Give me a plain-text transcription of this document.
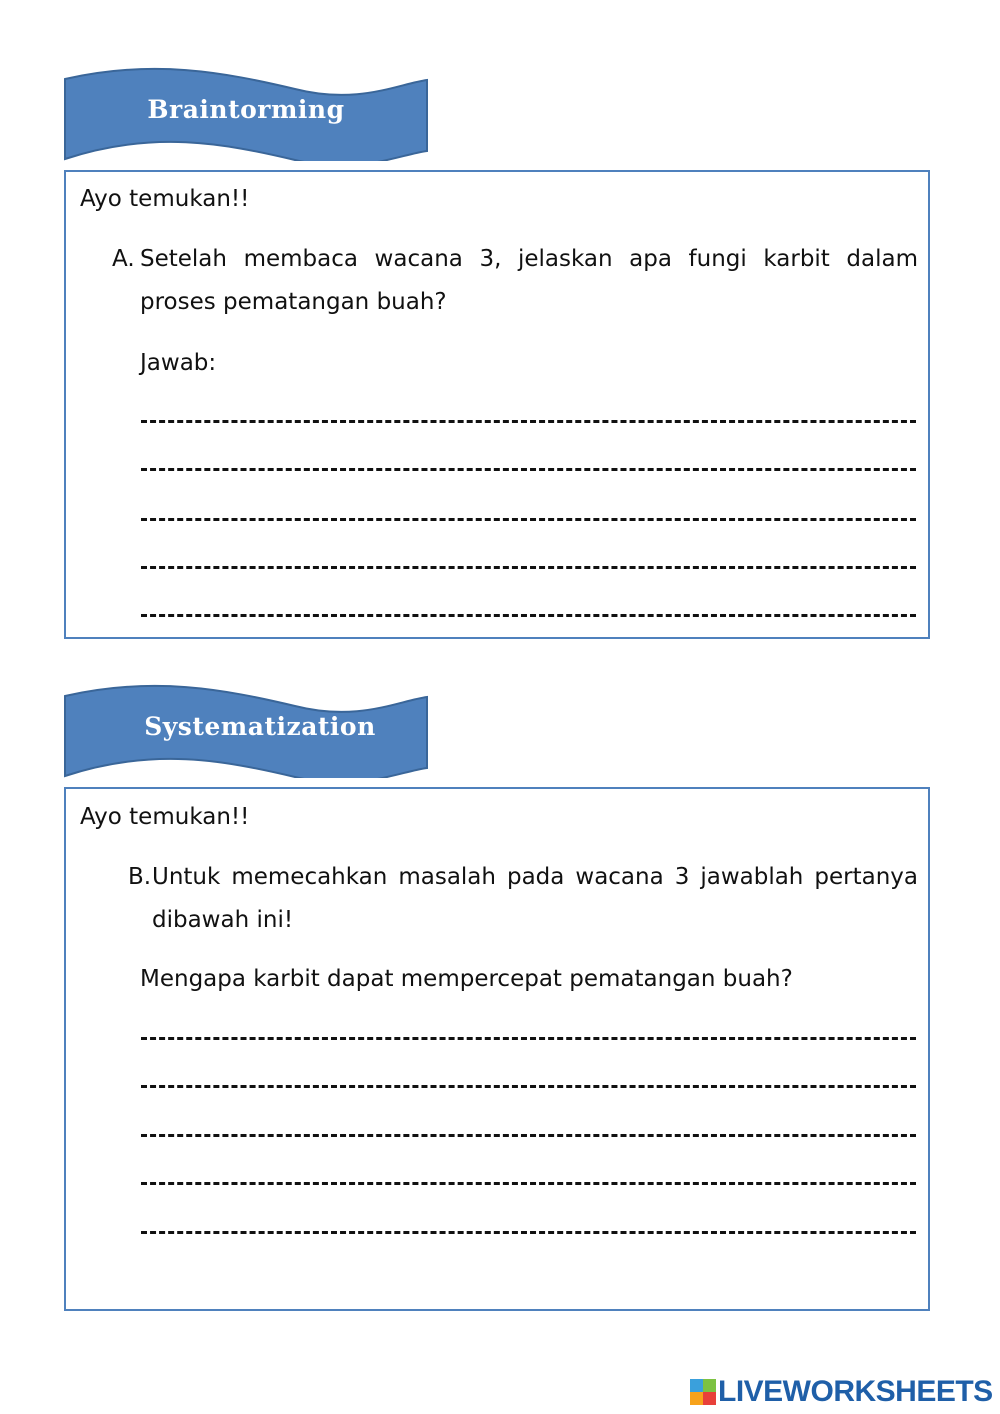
Braintorming
Ayo temukan!!
A. Setelah membaca wacana 3, jelaskan apa fungi karbit dalam proses pematangan buah?
Jawab:
Systematization
Ayo temukan!!
B. Untuk memecahkan masalah pada wacana 3 jawablah pertanya dibawah ini!
Mengapa karbit dapat mempercepat pematangan buah?
LIVEWORKSHEETS
